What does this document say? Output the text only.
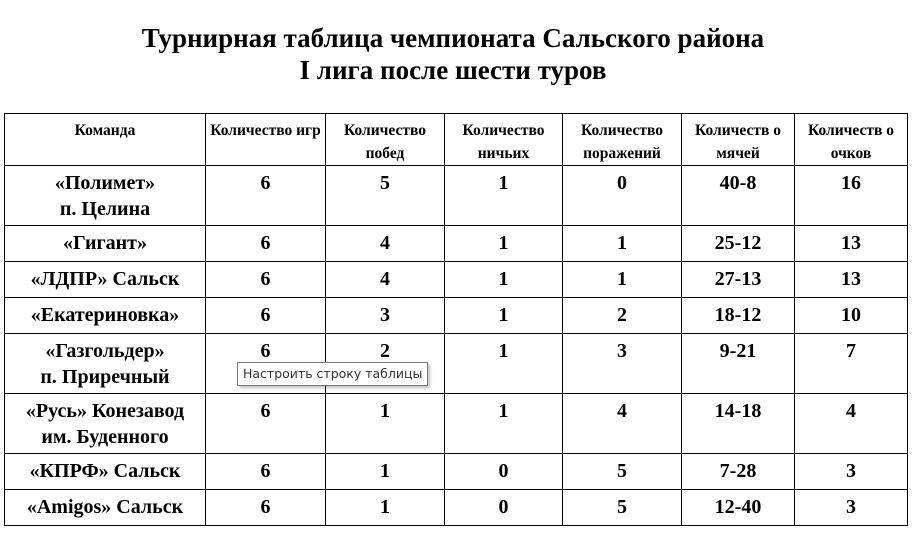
Турнирная таблица чемпионата Сальского района
I лига после шести туров
Команда	Количество игр	Количество побед	Количество ничьих	Количество поражений	Количеств о мячей	Количеств о очков

«Полимет»
п. Целина	6	5	1	0	40-8	16

«Гигант»	6	4	1	1	25-12	13

«ЛДПР» Сальск	6	4	1	1	27-13	13

«Екатериновка»	6	3	1	2	18-12	10

«Газгольдер»
п. Приречный	6	2	1	3	9-21	7

«Русь» Конезавод
им. Буденного	6	1	1	4	14-18	4

«КПРФ» Сальск	6	1	0	5	7-28	3

«Amigos» Сальск	6	1	0	5	12-40	3
Настроить строку таблицы
